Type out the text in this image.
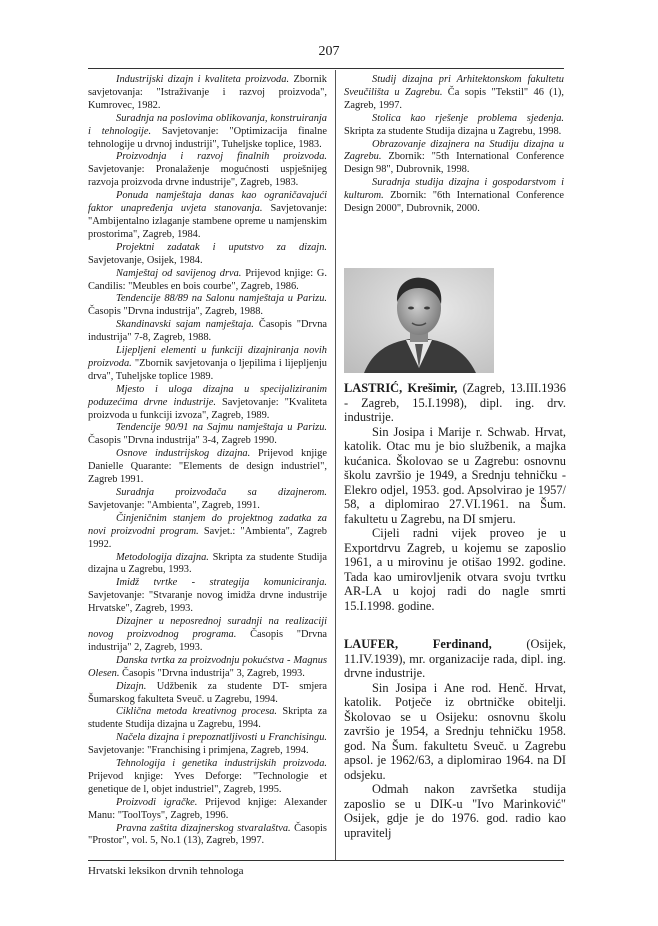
207

Industrijski dizajn i kvaliteta proizvoda. Zbornik savjetovanja: "Istraživanje i razvoj proizvoda", Kumrovec, 1982.

Suradnja na poslovima oblikovanja, konstruiranja i tehnologije. Savjetovanje: "Optimizacija finalne tehnologije u drvnoj industriji", Tuheljske toplice, 1983.

Proizvodnja i razvoj finalnih proizvoda. Savjetovanje: Pronalaženje mogućnosti uspješnijeg razvoja proizvoda drvne industrije", Zagreb, 1983.

Ponuda namještaja danas kao ograničavajući faktor unapređenja uvjeta stanovanja. Savjetovanje: "Ambijentalno izlaganje stambene opreme u namjenskim prostorima", Zagreb, 1984.

Projektni zadatak i uputstvo za dizajn. Savjetovanje, Osijek, 1984.

Namještaj od savijenog drva. Prijevod knjige: G. Candilis: "Meubles en bois courbe", Zagreb, 1986.

Tendencije 88/89 na Salonu namještaja u Parizu. Časopis "Drvna industrija", Zagreb, 1988.

Skandinavski sajam namještaja. Časopis "Drvna industrija" 7-8, Zagreb, 1988.

Lijepljeni elementi u funkciji dizajniranja novih proizvoda. "Zbornik savjetovanja o ljepilima i lijepljenju drva", Tuheljske toplice 1989.

Mjesto i uloga dizajna u specijaliziranim poduzećima drvne industrije. Savjetovanje: "Kvaliteta proizvoda u funkciji izvoza", Zagreb, 1989.

Tendencije 90/91 na Sajmu namještaja u Parizu. Časopis "Drvna industrija" 3-4, Zagreb 1990.

Osnove industrijskog dizajna. Prijevod knjige Danielle Quarante: "Elements de design industriel", Zagreb 1991.

Suradnja proizvođača sa dizajnerom. Savjetovanje: "Ambienta", Zagreb, 1991.

Činjeničnim stanjem do projektnog zadatka za novi proizvodni program. Savjet.: "Ambienta", Zagreb 1992.

Metodologija dizajna. Skripta za studente Studija dizajna u Zagrebu, 1993.

Imidž tvrtke - strategija komuniciranja. Savjetovanje: "Stvaranje novog imidža drvne industrije Hrvatske", Zagreb, 1993.

Dizajner u neposrednoj suradnji na realizaciji novog proizvodnog programa. Časopis "Drvna industrija" 2, Zagreb, 1993.

Danska tvrtka za proizvodnju pokućstva - Magnus Olesen. Časopis "Drvna industrija" 3, Zagreb, 1993.

Dizajn. Udžbenik za studente DT- smjera Šumarskog fakulteta Sveuč. u Zagrebu, 1994.

Ciklična metoda kreativnog procesa. Skripta za studente Studija dizajna u Zagrebu, 1994.

Načela dizajna i prepoznatljivosti u Franchisingu. Savjetovanje: "Franchising i primjena, Zagreb, 1994.

Tehnologija i genetika industrijskih proizvoda. Prijevod knjige: Yves Deforge: "Technologie et genetique de l, objet industriel", Zagreb, 1995.

Proizvodi igračke. Prijevod knjige: Alexander Manu: "ToolToys", Zagreb, 1996.

Pravna zaštita dizajnerskog stvaralaštva. Časopis "Prostor", vol. 5, No.1 (13), Zagreb, 1997.

Studij dizajna pri Arhitektonskom fakultetu Sveučilišta u Zagrebu. Ča sopis "Tekstil" 46 (1), Zagreb, 1997.

Stolica kao rješenje problema sjedenja. Skripta za studente Studija dizajna u Zagrebu, 1998.

Obrazovanje dizajnera na Studiju dizajna u Zagrebu. Zbornik: "5th International Conference Design 98", Dubrovnik, 1998.

Suradnja studija dizajna i gospodarstvom i kulturom. Zbornik: "6th International Conference Design 2000", Dubrovnik, 2000.

LASTRIĆ, Krešimir, (Zagreb, 13.III.1936 - Zagreb, 15.I.1998), dipl. ing. drv. industrije.

Sin Josipa i Marije r. Schwab. Hrvat, katolik. Otac mu je bio službenik, a majka kućanica. Školovao se u Zagrebu: osnovnu školu završio je 1949, a Srednju tehničku - Elekro odjel, 1953. god. Apsolvirao je 1957/ 58, a diplomirao 27.VI.1961. na Šum. fakultetu u Zagrebu, na DI smjeru.

Cijeli radni vijek proveo je u Exportdrvu Zagreb, u kojemu se zaposlio 1961, a u mirovinu je otišao 1992. godine. Tada kao umirovljenik otvara svoju tvrtku AR-LA u kojoj radi do nagle smrti 15.I.1998. godine.

LAUFER, Ferdinand, (Osijek, 11.IV.1939), mr. organizacije rada, dipl. ing. drvne industrije.

Sin Josipa i Ane rod. Henč. Hrvat, katolik. Potječe iz obrtničke obitelji. Školovao se u Osijeku: osnovnu školu završio je 1954, a Srednju tehničku 1958. god. Na Šum. fakultetu Sveuč. u Zagrebu apsol. je 1962/63, a diplomirao 1964. na DI odsjeku.

Odmah nakon završetka studija zaposlio se u DIK-u "Ivo Marinković" Osijek, gdje je do 1976. god. radio kao upravitelj

Hrvatski leksikon drvnih tehnologa
